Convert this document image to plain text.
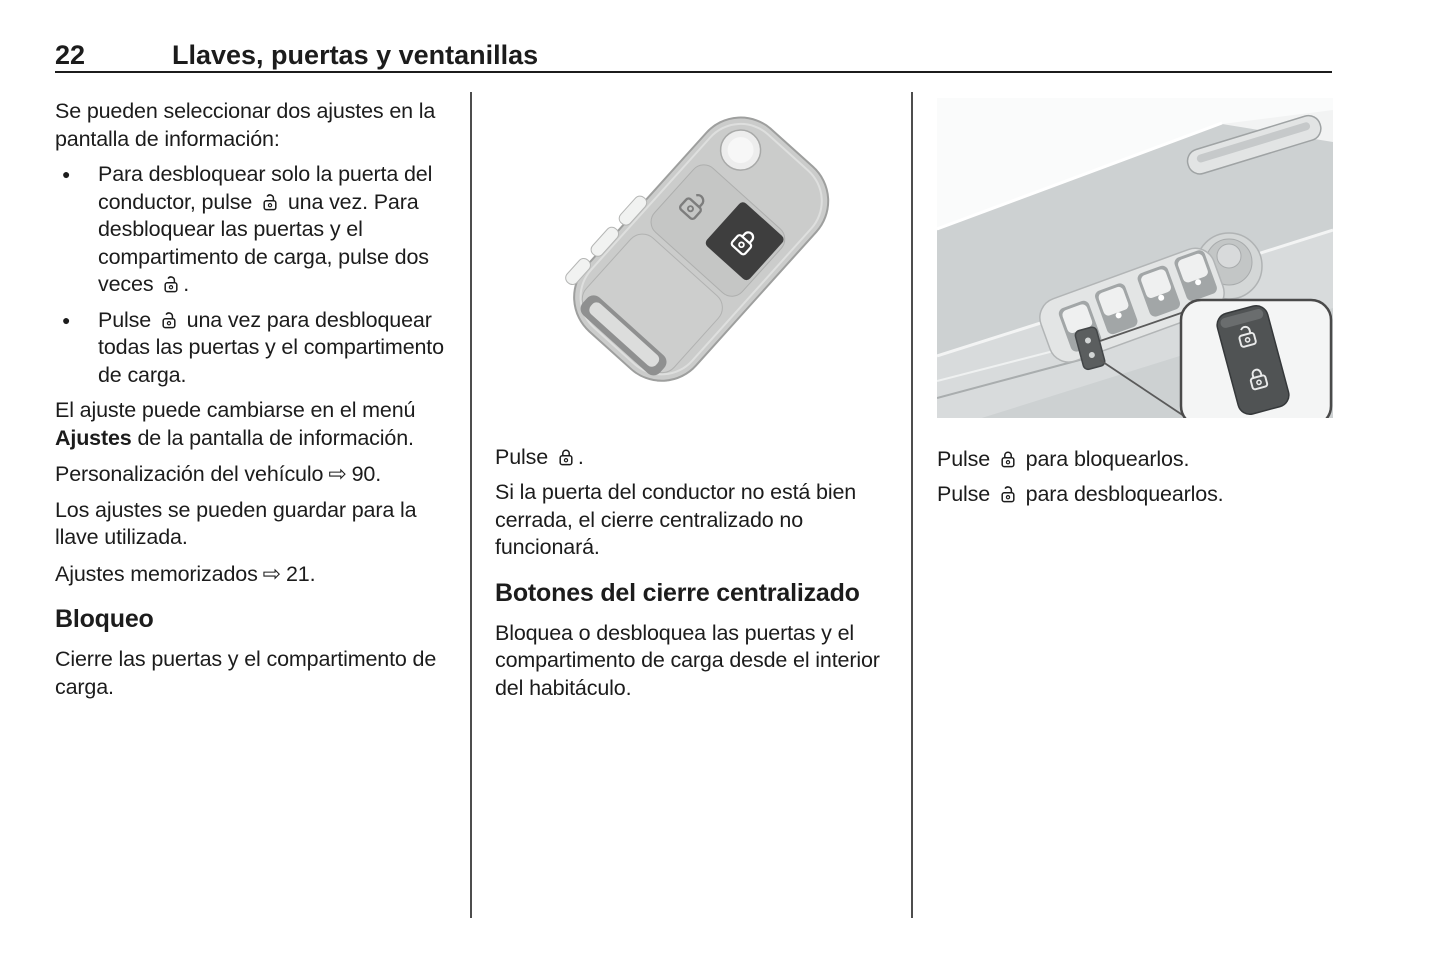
22	Llaves, puertas y ventanillas

Se pueden seleccionar dos ajustes en la pantalla de información:

● Para desbloquear solo la puerta del conductor, pulse  una vez. Para desbloquear las puertas y el compartimento de carga, pulse dos veces .
● Pulse  una vez para desbloquear todas las puertas y el compartimento de carga.

El ajuste puede cambiarse en el menú Ajustes de la pantalla de información.

Personalización del vehículo ⇨ 90.

Los ajustes se pueden guardar para la llave utilizada.

Ajustes memorizados ⇨ 21.

Bloqueo

Cierre las puertas y el compartimento de carga.

Pulse .

Si la puerta del conductor no está bien cerrada, el cierre centralizado no funcionará.

Botones del cierre centralizado

Bloquea o desbloquea las puertas y el compartimento de carga desde el interior del habitáculo.

Pulse  para bloquearlos.

Pulse  para desbloquearlos.
